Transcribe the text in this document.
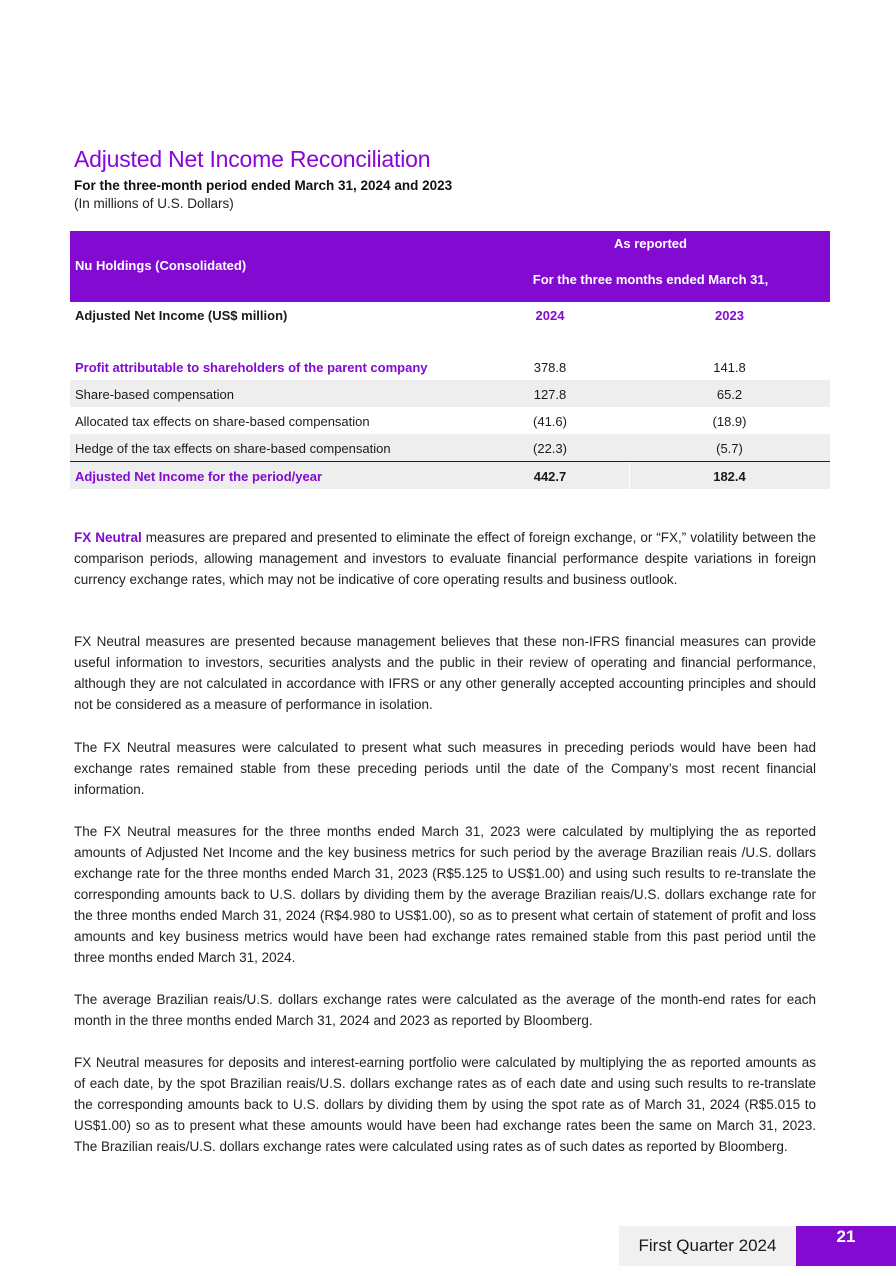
Adjusted Net Income Reconciliation

For the three-month period ended March 31, 2024 and 2023

(In millions of U.S. Dollars)

Nu Holdings (Consolidated)
As reported
For the three months ended March 31,
Adjusted Net Income (US$ million)	2024	2023
Profit attributable to shareholders of the parent company	378.8	141.8
Share-based compensation	127.8	65.2
Allocated tax effects on share-based compensation	(41.6)	(18.9)
Hedge of the tax effects on share-based compensation	(22.3)	(5.7)
Adjusted Net Income for the period/year	442.7	182.4

FX Neutral measures are prepared and presented to eliminate the effect of foreign exchange, or “FX,” volatility between the comparison periods, allowing management and investors to evaluate financial performance despite variations in foreign currency exchange rates, which may not be indicative of core operating results and business outlook.

FX Neutral measures are presented because management believes that these non-IFRS financial measures can provide useful information to investors, securities analysts and the public in their review of operating and financial performance, although they are not calculated in accordance with IFRS or any other generally accepted accounting principles and should not be considered as a measure of performance in isolation.

The FX Neutral measures were calculated to present what such measures in preceding periods would have been had exchange rates remained stable from these preceding periods until the date of the Company’s most recent financial information.

The FX Neutral measures for the three months ended March 31, 2023 were calculated by multiplying the as reported amounts of Adjusted Net Income and the key business metrics for such period by the average Brazilian reais /U.S. dollars exchange rate for the three months ended March 31, 2023 (R$5.125 to US$1.00) and using such results to re-translate the corresponding amounts back to U.S. dollars by dividing them by the average Brazilian reais/U.S. dollars exchange rate for the three months ended March 31, 2024 (R$4.980 to US$1.00), so as to present what certain of statement of profit and loss amounts and key business metrics would have been had exchange rates remained stable from this past period until the three months ended March 31, 2024.

The average Brazilian reais/U.S. dollars exchange rates were calculated as the average of the month-end rates for each month in the three months ended March 31, 2024 and 2023 as reported by Bloomberg.

FX Neutral measures for deposits and interest-earning portfolio were calculated by multiplying the as reported amounts as of each date, by the spot Brazilian reais/U.S. dollars exchange rates as of each date and using such results to re-translate the corresponding amounts back to U.S. dollars by dividing them by using the spot rate as of March 31, 2024 (R$5.015 to US$1.00) so as to present what these amounts would have been had exchange rates been the same on March 31, 2023. The Brazilian reais/U.S. dollars exchange rates were calculated using rates as of such dates as reported by Bloomberg.

First Quarter 2024	21
